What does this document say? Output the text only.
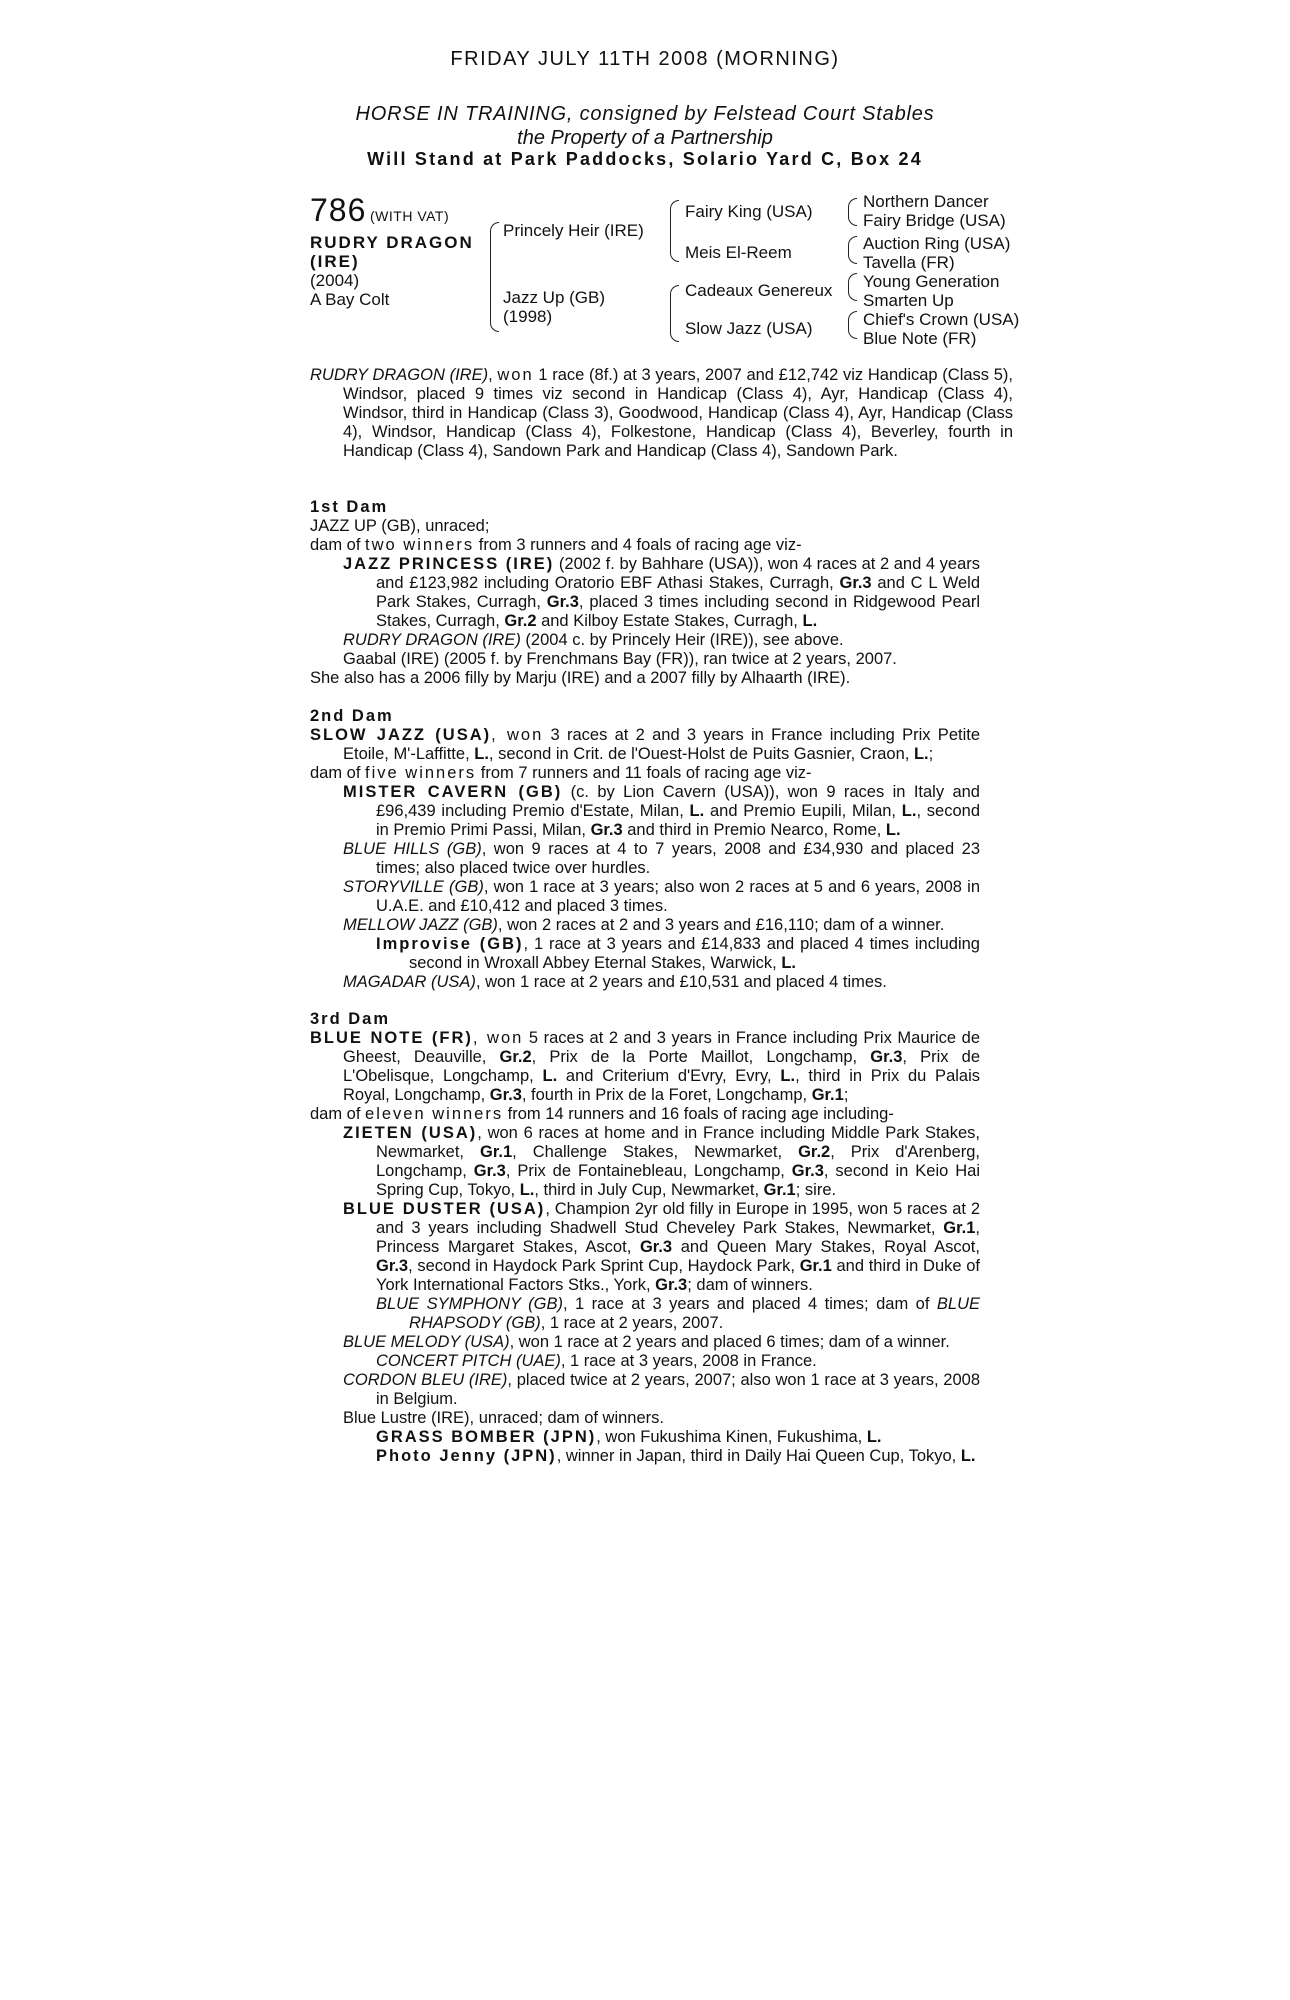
FRIDAY JULY 11TH 2008 (MORNING)
HORSE IN TRAINING, consigned by Felstead Court Stables
the Property of a Partnership
Will Stand at Park Paddocks, Solario Yard C, Box 24
786 (WITH VAT)
RUDRY DRAGON
(IRE)
(2004)
A Bay Colt
Princely Heir (IRE)
Jazz Up (GB)
(1998)
Fairy King (USA)
Meis El-Reem
Cadeaux Genereux
Slow Jazz (USA)
Northern Dancer
Fairy Bridge (USA)
Auction Ring (USA)
Tavella (FR)
Young Generation
Smarten Up
Chief's Crown (USA)
Blue Note (FR)
RUDRY DRAGON (IRE), won 1 race (8f.) at 3 years, 2007 and £12,742 viz Handicap (Class 5), Windsor, placed 9 times viz second in Handicap (Class 4), Ayr, Handicap (Class 4), Windsor, third in Handicap (Class 3), Goodwood, Handicap (Class 4), Ayr, Handicap (Class 4), Windsor, Handicap (Class 4), Folkestone, Handicap (Class 4), Beverley, fourth in Handicap (Class 4), Sandown Park and Handicap (Class 4), Sandown Park.
1st Dam
JAZZ UP (GB), unraced;
dam of two winners from 3 runners and 4 foals of racing age viz-
JAZZ PRINCESS (IRE) (2002 f. by Bahhare (USA)), won 4 races at 2 and 4 years and £123,982 including Oratorio EBF Athasi Stakes, Curragh, Gr.3 and C L Weld Park Stakes, Curragh, Gr.3, placed 3 times including second in Ridgewood Pearl Stakes, Curragh, Gr.2 and Kilboy Estate Stakes, Curragh, L.
RUDRY DRAGON (IRE) (2004 c. by Princely Heir (IRE)), see above.
Gaabal (IRE) (2005 f. by Frenchmans Bay (FR)), ran twice at 2 years, 2007.
She also has a 2006 filly by Marju (IRE) and a 2007 filly by Alhaarth (IRE).
2nd Dam
SLOW JAZZ (USA), won 3 races at 2 and 3 years in France including Prix Petite Etoile, M'-Laffitte, L., second in Crit. de l'Ouest-Holst de Puits Gasnier, Craon, L.;
dam of five winners from 7 runners and 11 foals of racing age viz-
MISTER CAVERN (GB) (c. by Lion Cavern (USA)), won 9 races in Italy and £96,439 including Premio d'Estate, Milan, L. and Premio Eupili, Milan, L., second in Premio Primi Passi, Milan, Gr.3 and third in Premio Nearco, Rome, L.
BLUE HILLS (GB), won 9 races at 4 to 7 years, 2008 and £34,930 and placed 23 times; also placed twice over hurdles.
STORYVILLE (GB), won 1 race at 3 years; also won 2 races at 5 and 6 years, 2008 in U.A.E. and £10,412 and placed 3 times.
MELLOW JAZZ (GB), won 2 races at 2 and 3 years and £16,110; dam of a winner.
Improvise (GB), 1 race at 3 years and £14,833 and placed 4 times including second in Wroxall Abbey Eternal Stakes, Warwick, L.
MAGADAR (USA), won 1 race at 2 years and £10,531 and placed 4 times.
3rd Dam
BLUE NOTE (FR), won 5 races at 2 and 3 years in France including Prix Maurice de Gheest, Deauville, Gr.2, Prix de la Porte Maillot, Longchamp, Gr.3, Prix de L'Obelisque, Longchamp, L. and Criterium d'Evry, Evry, L., third in Prix du Palais Royal, Longchamp, Gr.3, fourth in Prix de la Foret, Longchamp, Gr.1;
dam of eleven winners from 14 runners and 16 foals of racing age including-
ZIETEN (USA), won 6 races at home and in France including Middle Park Stakes, Newmarket, Gr.1, Challenge Stakes, Newmarket, Gr.2, Prix d'Arenberg, Longchamp, Gr.3, Prix de Fontainebleau, Longchamp, Gr.3, second in Keio Hai Spring Cup, Tokyo, L., third in July Cup, Newmarket, Gr.1; sire.
BLUE DUSTER (USA), Champion 2yr old filly in Europe in 1995, won 5 races at 2 and 3 years including Shadwell Stud Cheveley Park Stakes, Newmarket, Gr.1, Princess Margaret Stakes, Ascot, Gr.3 and Queen Mary Stakes, Royal Ascot, Gr.3, second in Haydock Park Sprint Cup, Haydock Park, Gr.1 and third in Duke of York International Factors Stks., York, Gr.3; dam of winners.
BLUE SYMPHONY (GB), 1 race at 3 years and placed 4 times; dam of BLUE RHAPSODY (GB), 1 race at 2 years, 2007.
BLUE MELODY (USA), won 1 race at 2 years and placed 6 times; dam of a winner.
CONCERT PITCH (UAE), 1 race at 3 years, 2008 in France.
CORDON BLEU (IRE), placed twice at 2 years, 2007; also won 1 race at 3 years, 2008 in Belgium.
Blue Lustre (IRE), unraced; dam of winners.
GRASS BOMBER (JPN), won Fukushima Kinen, Fukushima, L.
Photo Jenny (JPN), winner in Japan, third in Daily Hai Queen Cup, Tokyo, L.
